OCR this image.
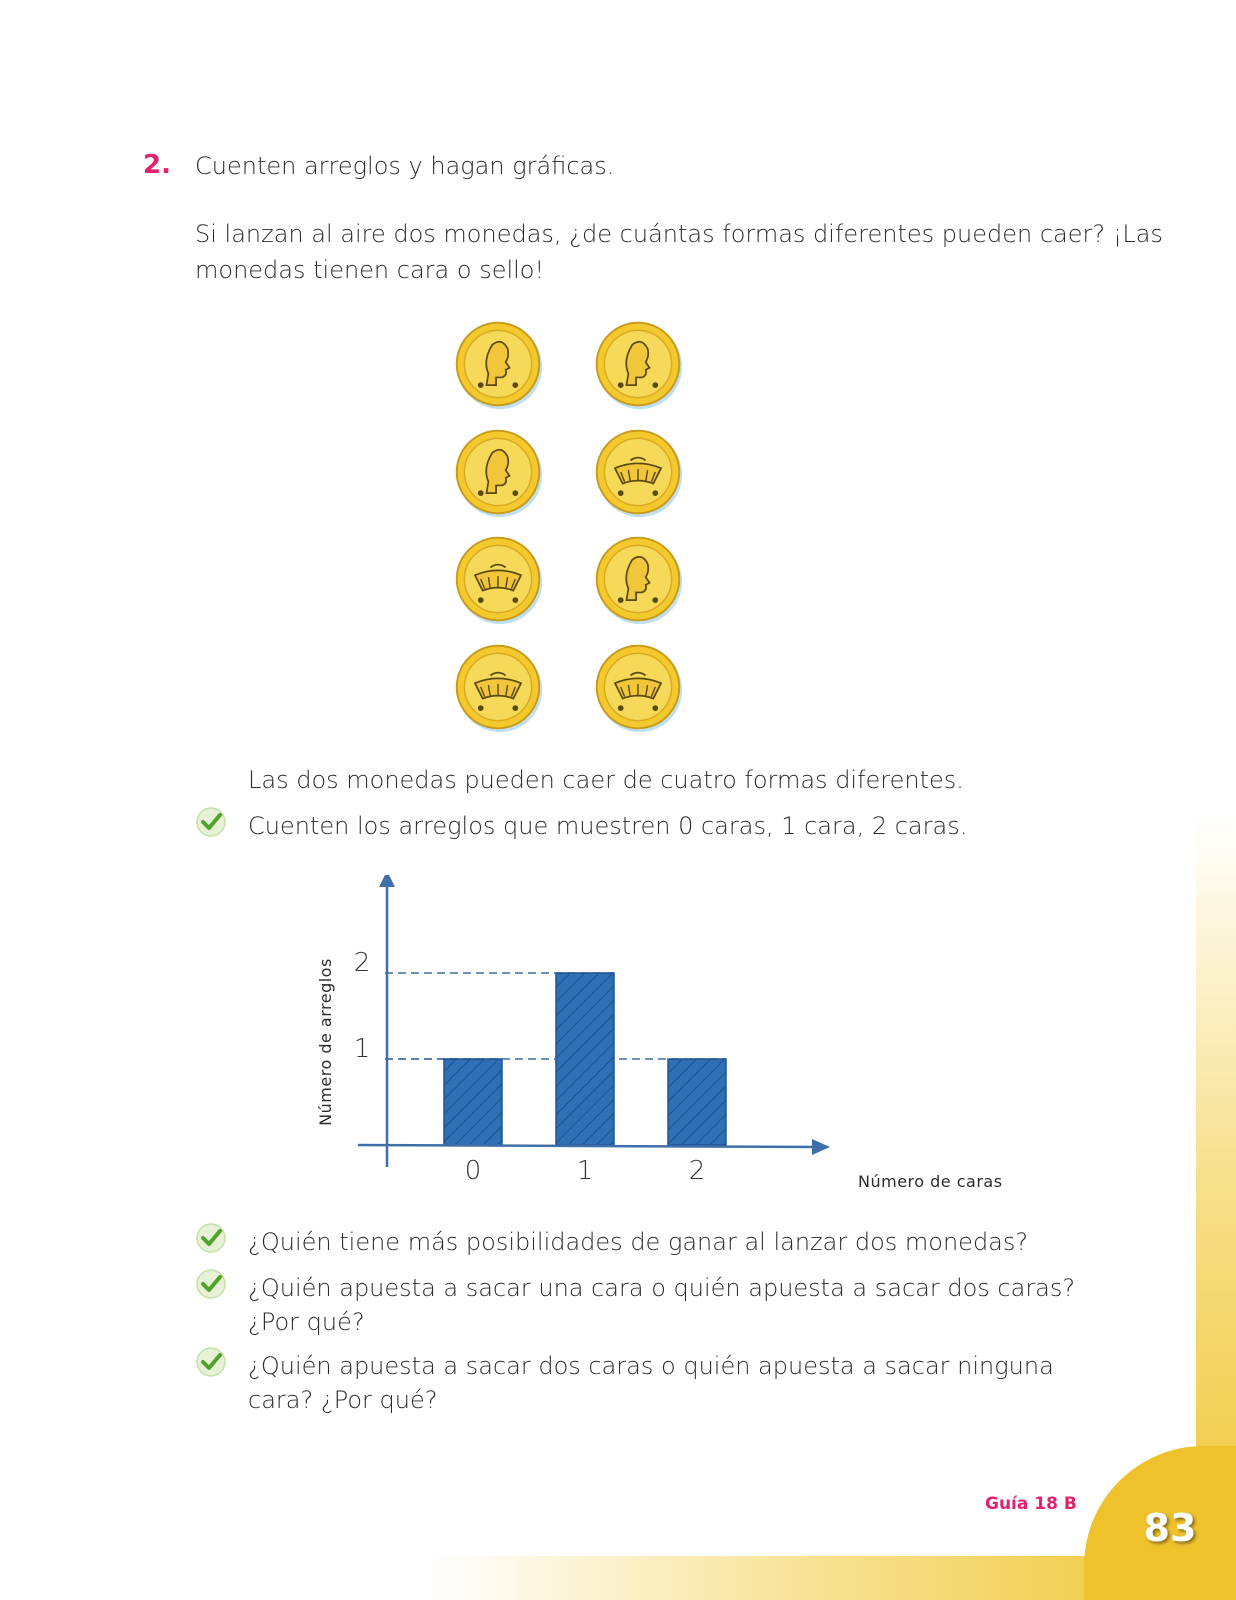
83
Guía 18 B
2. Cuenten arreglos y hagan gráficas.
Si lanzan al aire dos monedas, ¿de cuántas formas diferentes pueden caer? ¡Las
monedas tienen cara o sello!
Las dos monedas pueden caer de cuatro formas diferentes.
Cuenten los arreglos que muestren 0 caras, 1 cara, 2 caras.
1
2
0	1	2	Número de caras
Número de arreglos
¿Quién tiene más posibilidades de ganar al lanzar dos monedas?
¿Quién apuesta a sacar una cara o quién apuesta a sacar dos caras?
¿Por qué?
¿Quién apuesta a sacar dos caras o quién apuesta a sacar ninguna
cara? ¿Por qué?
